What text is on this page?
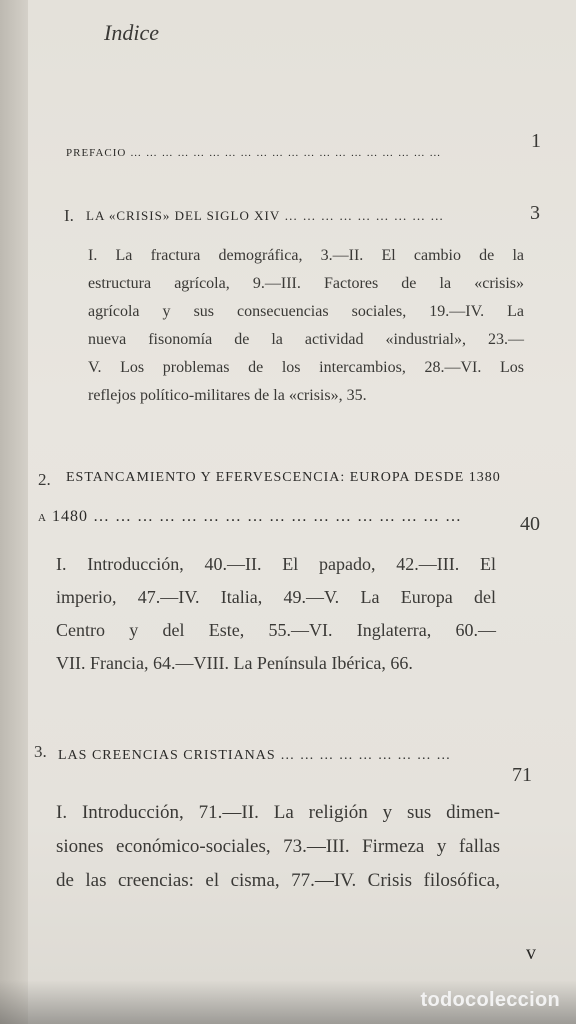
Indice
PREFACIO … … … … … … … … … … … … … … … … … … … …
1
I. LA «CRISIS» DEL SIGLO XIV … … … … … … … … …	3
I. La fractura demográfica, 3.—II. El cambio de la
estructura agrícola, 9.—III. Factores de la «crisis»
agrícola y sus consecuencias sociales, 19.—IV. La
nueva fisonomía de la actividad «industrial», 23.—
V. Los problemas de los intercambios, 28.—VI. Los
reflejos político-militares de la «crisis», 35.
2. ESTANCAMIENTO Y EFERVESCENCIA: EUROPA DESDE 1380
a 1480 … … … … … … … … … … … … … … … … …	40
I. Introducción, 40.—II. El papado, 42.—III. El
imperio, 47.—IV. Italia, 49.—V. La Europa del
Centro y del Este, 55.—VI. Inglaterra, 60.—
VII. Francia, 64.—VIII. La Península Ibérica, 66.
3. LAS CREENCIAS CRISTIANAS … … … … … … … … …
71
I. Introducción, 71.—II. La religión y sus dimen-
siones económico-sociales, 73.—III. Firmeza y fallas
de las creencias: el cisma, 77.—IV. Crisis filosófica,
v
todocoleccion
